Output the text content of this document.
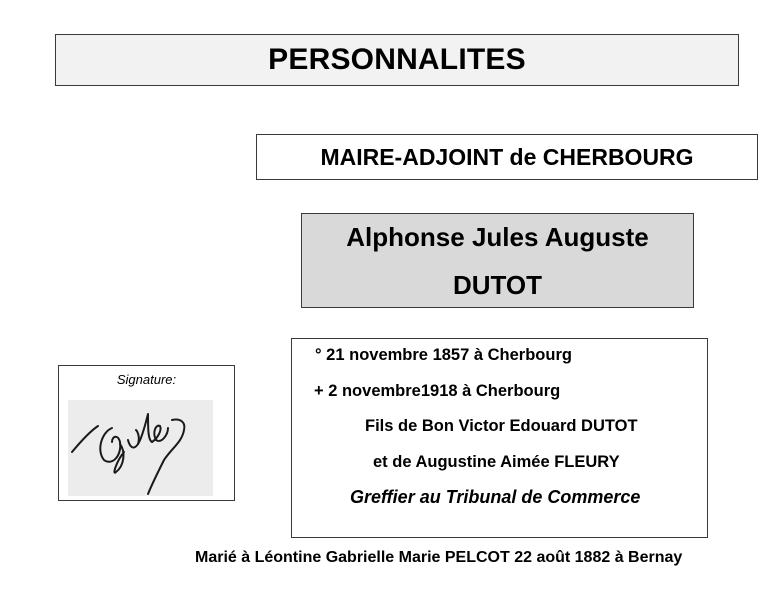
PERSONNALITES
MAIRE-ADJOINT de CHERBOURG
Alphonse Jules Auguste
DUTOT
° 21 novembre 1857 à Cherbourg
+ 2 novembre1918 à Cherbourg
Fils de Bon Victor Edouard DUTOT
et de Augustine Aimée FLEURY
Greffier au Tribunal de Commerce
Signature:
Marié à Léontine Gabrielle Marie PELCOT 22 août 1882 à Bernay
